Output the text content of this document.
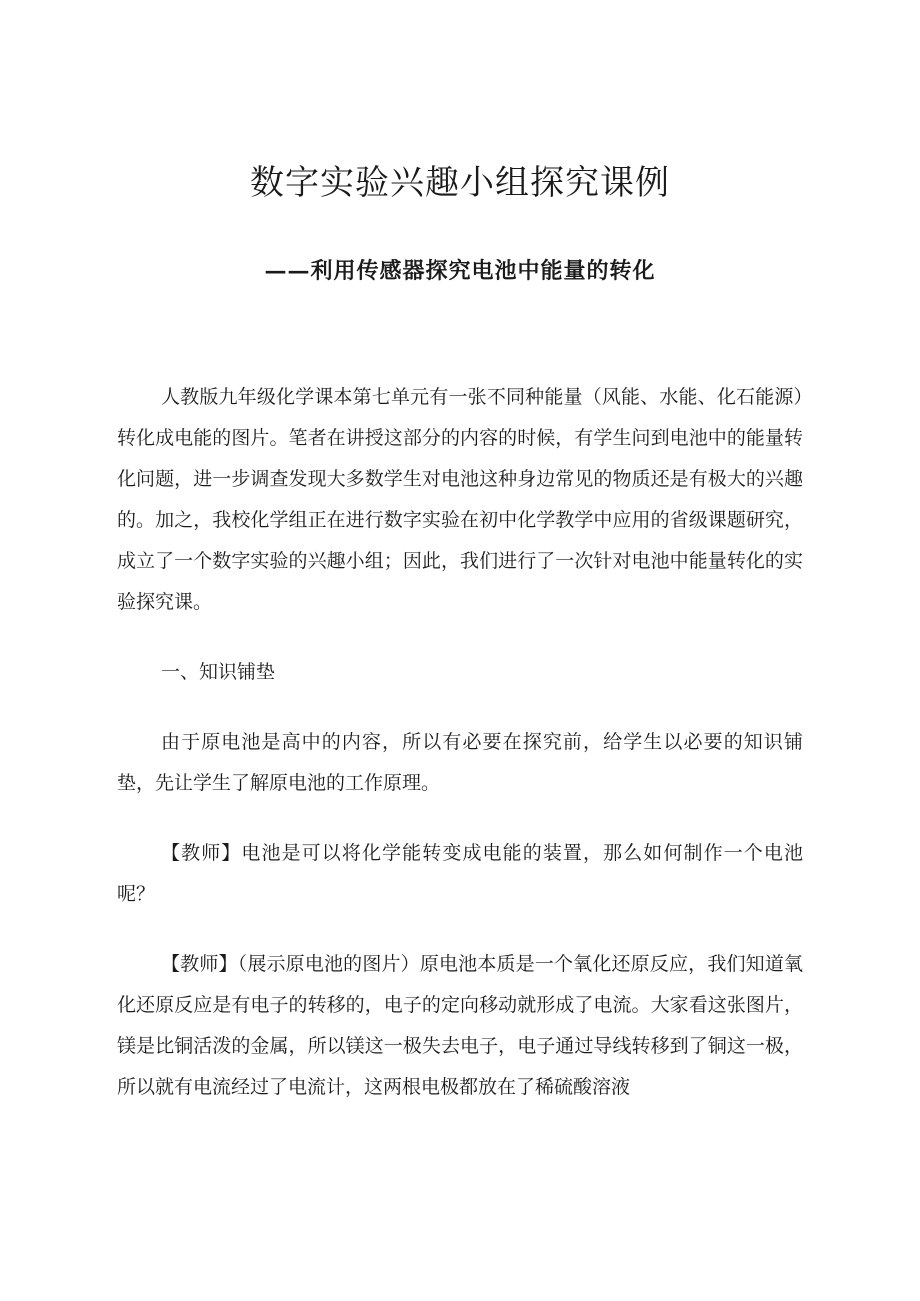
数字实验兴趣小组探究课例
——利用传感器探究电池中能量的转化

人教版九年级化学课本第七单元有一张不同种能量（风能、水能、化石能源）转化成电能的图片。笔者在讲授这部分的内容的时候，有学生问到电池中的能量转化问题，进一步调查发现大多数学生对电池这种身边常见的物质还是有极大的兴趣的。加之，我校化学组正在进行数字实验在初中化学教学中应用的省级课题研究，成立了一个数字实验的兴趣小组；因此，我们进行了一次针对电池中能量转化的实验探究课。

一、知识铺垫

由于原电池是高中的内容，所以有必要在探究前，给学生以必要的知识铺垫，先让学生了解原电池的工作原理。

【教师】电池是可以将化学能转变成电能的装置，那么如何制作一个电池呢？

【教师】（展示原电池的图片）原电池本质是一个氧化还原反应，我们知道氧化还原反应是有电子的转移的，电子的定向移动就形成了电流。大家看这张图片，镁是比铜活泼的金属，所以镁这一极失去电子，电子通过导线转移到了铜这一极，所以就有电流经过了电流计，这两根电极都放在了稀硫酸溶液
